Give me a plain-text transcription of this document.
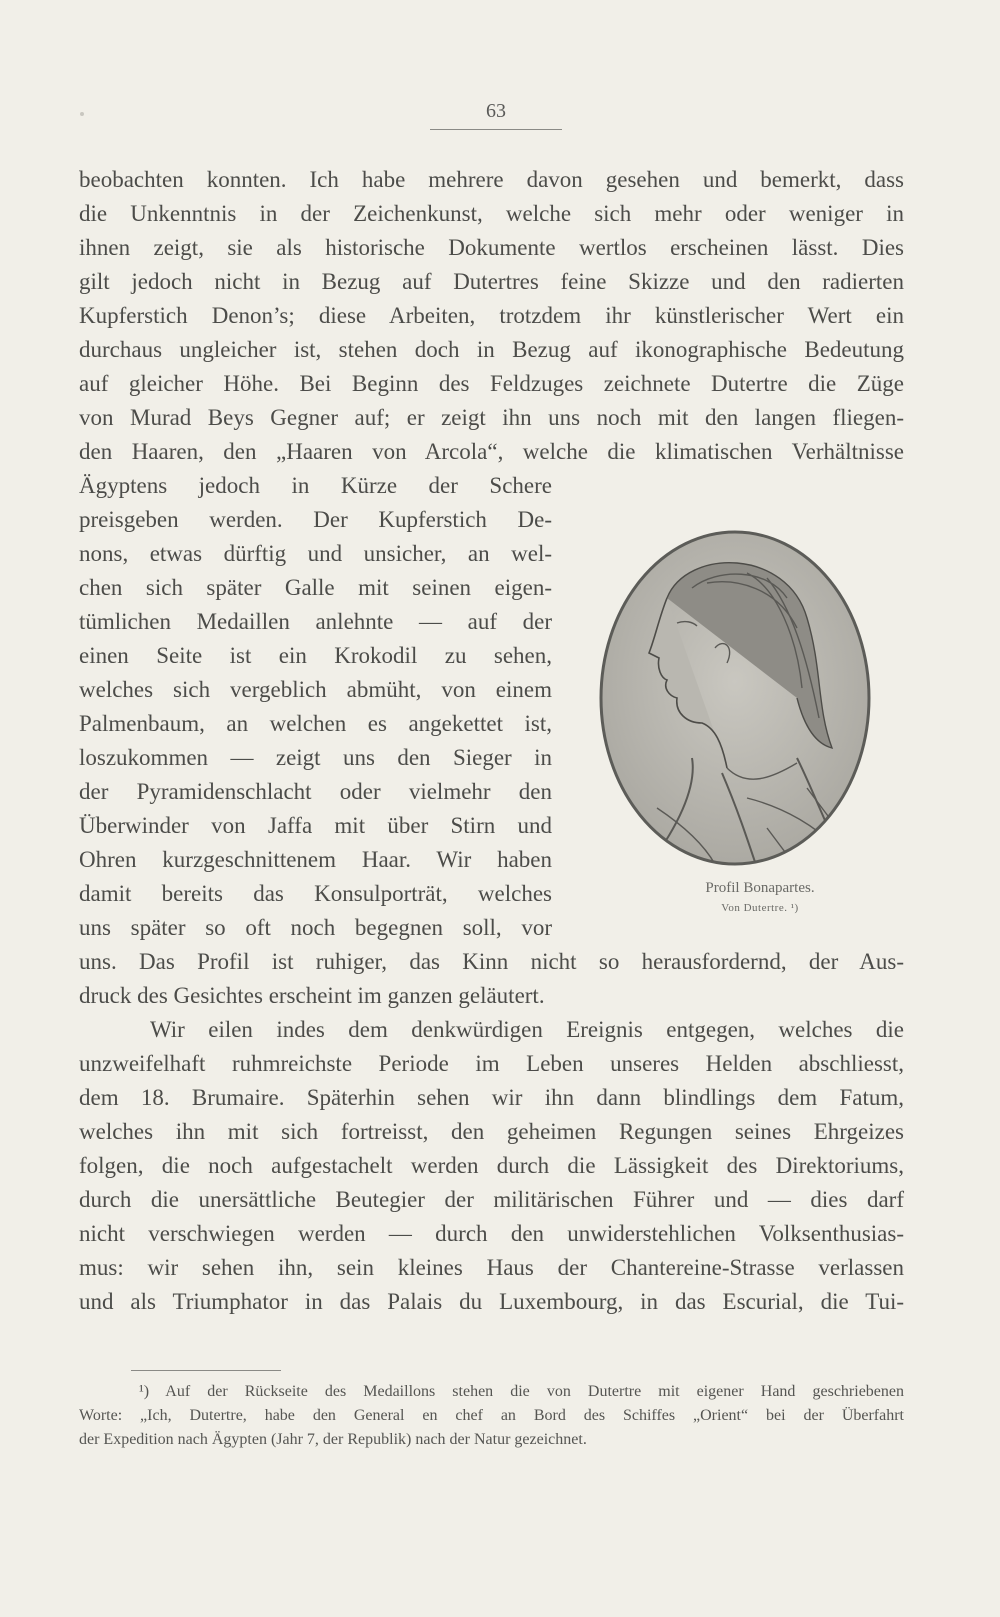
63
beobachten konnten. Ich habe mehrere davon gesehen und bemerkt, dass
die Unkenntnis in der Zeichenkunst, welche sich mehr oder weniger in
ihnen zeigt, sie als historische Dokumente wertlos erscheinen lässt. Dies
gilt jedoch nicht in Bezug auf Dutertres feine Skizze und den radierten
Kupferstich Denon’s; diese Arbeiten, trotzdem ihr künstlerischer Wert ein
durchaus ungleicher ist, stehen doch in Bezug auf ikonographische Bedeutung
auf gleicher Höhe. Bei Beginn des Feldzuges zeichnete Dutertre die Züge
von Murad Beys Gegner auf; er zeigt ihn uns noch mit den langen fliegen-
den Haaren, den „Haaren von Arcola“, welche die klimatischen Verhältnisse
Ägyptens jedoch in Kürze der Schere
preisgeben werden. Der Kupferstich De-
nons, etwas dürftig und unsicher, an wel-
chen sich später Galle mit seinen eigen-
tümlichen Medaillen anlehnte — auf der
einen Seite ist ein Krokodil zu sehen,
welches sich vergeblich abmüht, von einem
Palmenbaum, an welchen es angekettet ist,
loszukommen — zeigt uns den Sieger in
der Pyramidenschlacht oder vielmehr den
Überwinder von Jaffa mit über Stirn und
Ohren kurzgeschnittenem Haar. Wir haben
damit bereits das Konsulporträt, welches
uns später so oft noch begegnen soll, vor
Profil Bonapartes.
Von Dutertre. ¹)
uns. Das Profil ist ruhiger, das Kinn nicht so herausfordernd, der Aus-
druck des Gesichtes erscheint im ganzen geläutert.
Wir eilen indes dem denkwürdigen Ereignis entgegen, welches die
unzweifelhaft ruhmreichste Periode im Leben unseres Helden abschliesst,
dem 18. Brumaire. Späterhin sehen wir ihn dann blindlings dem Fatum,
welches ihn mit sich fortreisst, den geheimen Regungen seines Ehrgeizes
folgen, die noch aufgestachelt werden durch die Lässigkeit des Direktoriums,
durch die unersättliche Beutegier der militärischen Führer und — dies darf
nicht verschwiegen werden — durch den unwiderstehlichen Volksenthusias-
mus: wir sehen ihn, sein kleines Haus der Chantereine-Strasse verlassen
und als Triumphator in das Palais du Luxembourg, in das Escurial, die Tui-
¹) Auf der Rückseite des Medaillons stehen die von Dutertre mit eigener Hand geschriebenen
Worte: „Ich, Dutertre, habe den General en chef an Bord des Schiffes „Orient“ bei der Überfahrt
der Expedition nach Ägypten (Jahr 7, der Republik) nach der Natur gezeichnet.
